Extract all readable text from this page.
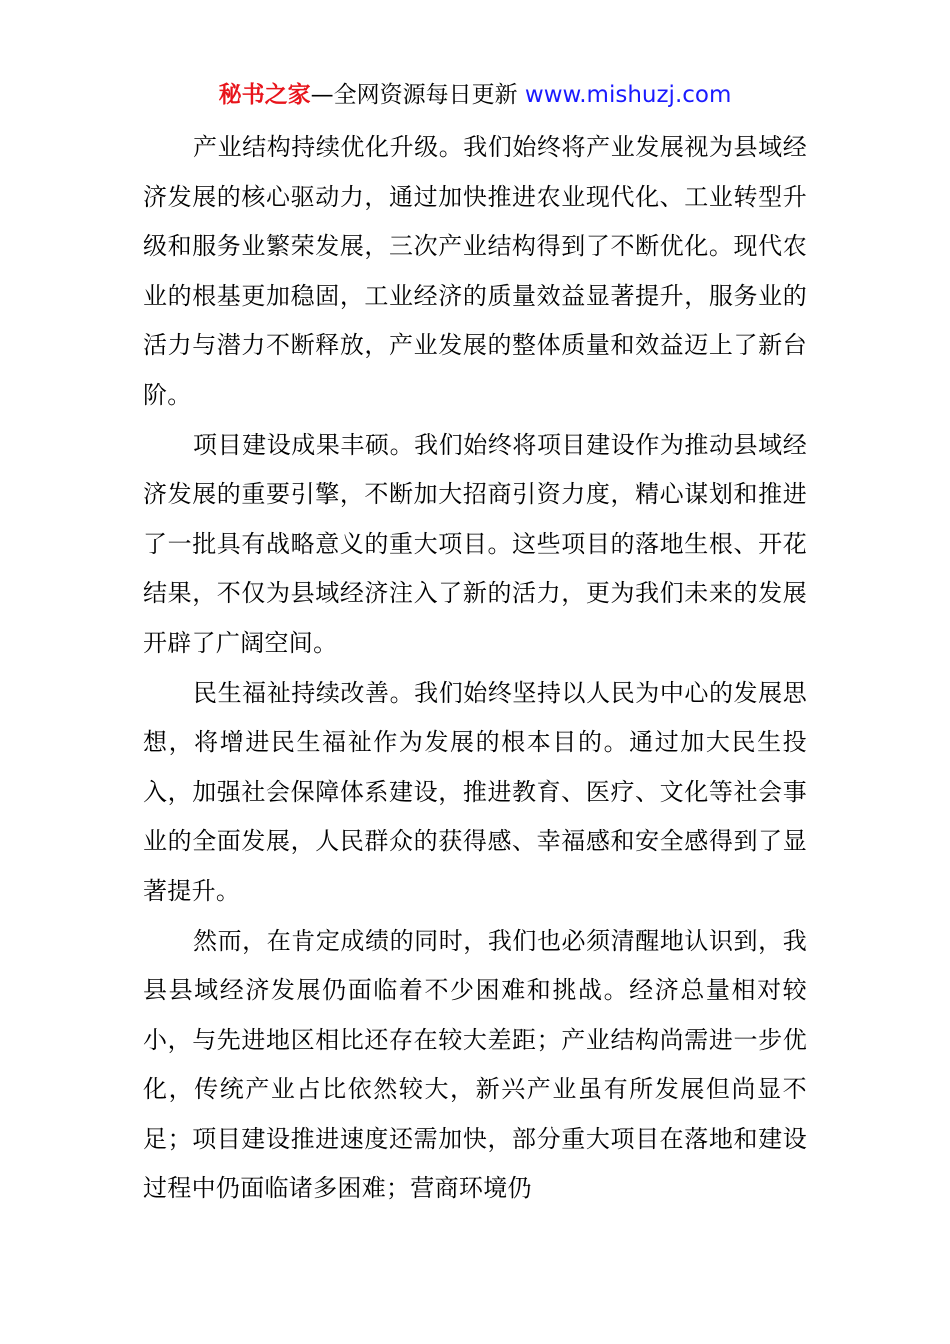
秘书之家—全网资源每日更新 www.mishuzj.com

产业结构持续优化升级。我们始终将产业发展视为县域经济发展的核心驱动力，通过加快推进农业现代化、工业转型升级和服务业繁荣发展，三次产业结构得到了不断优化。现代农业的根基更加稳固，工业经济的质量效益显著提升，服务业的活力与潜力不断释放，产业发展的整体质量和效益迈上了新台阶。

项目建设成果丰硕。我们始终将项目建设作为推动县域经济发展的重要引擎，不断加大招商引资力度，精心谋划和推进了一批具有战略意义的重大项目。这些项目的落地生根、开花结果，不仅为县域经济注入了新的活力，更为我们未来的发展开辟了广阔空间。

民生福祉持续改善。我们始终坚持以人民为中心的发展思想，将增进民生福祉作为发展的根本目的。通过加大民生投入，加强社会保障体系建设，推进教育、医疗、文化等社会事业的全面发展，人民群众的获得感、幸福感和安全感得到了显著提升。

然而，在肯定成绩的同时，我们也必须清醒地认识到，我县县域经济发展仍面临着不少困难和挑战。经济总量相对较小，与先进地区相比还存在较大差距；产业结构尚需进一步优化，传统产业占比依然较大，新兴产业虽有所发展但尚显不足；项目建设推进速度还需加快，部分重大项目在落地和建设过程中仍面临诸多困难；营商环境仍
